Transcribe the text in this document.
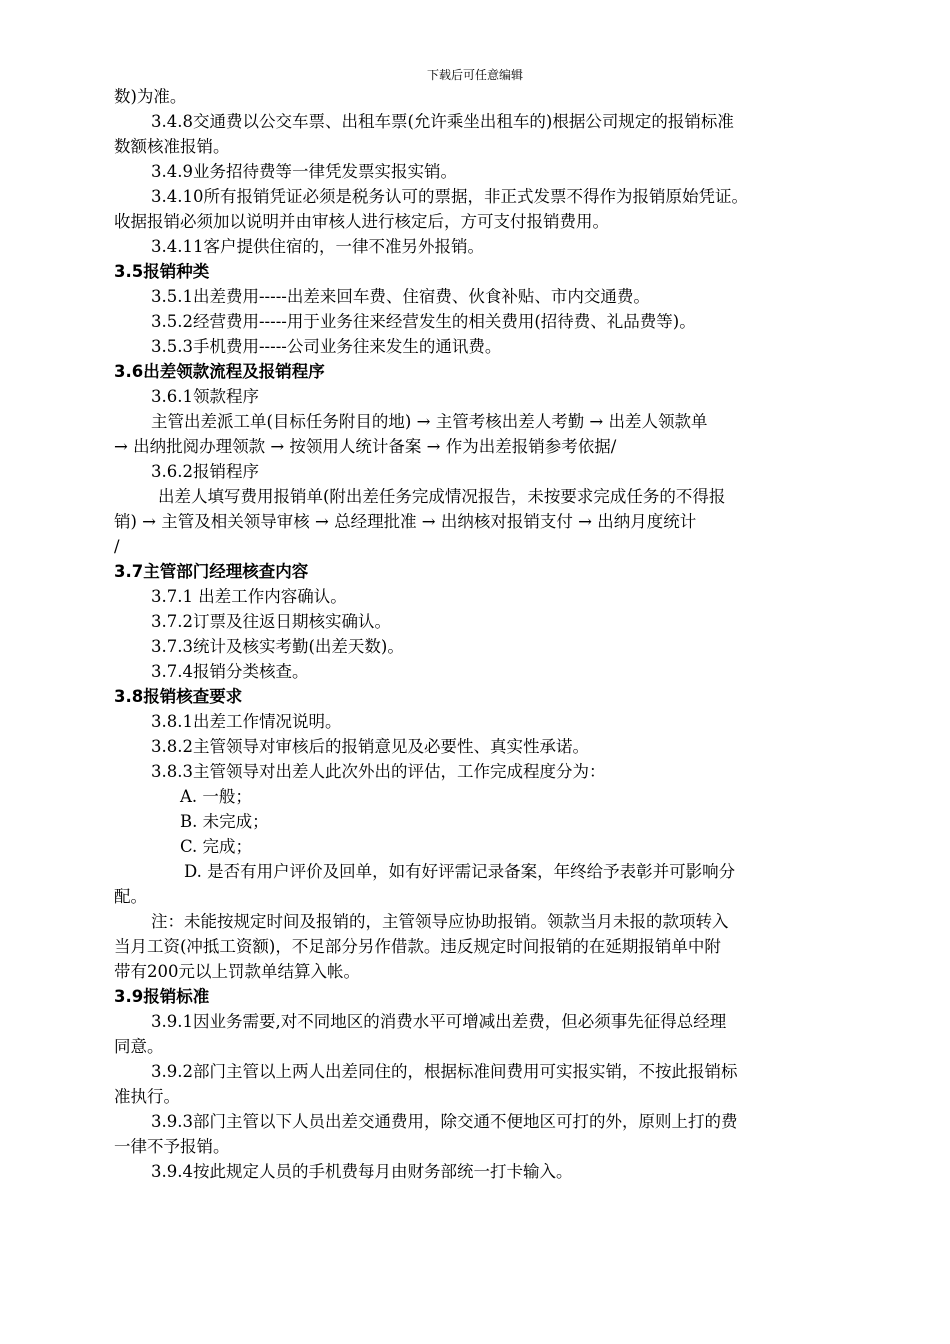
下载后可任意编辑
数)为准。
3.4.8交通费以公交车票、出租车票(允许乘坐出租车的)根据公司规定的报销标准
数额核准报销。
3.4.9业务招待费等一律凭发票实报实销。
3.4.10所有报销凭证必须是税务认可的票据，非正式发票不得作为报销原始凭证。
收据报销必须加以说明并由审核人进行核定后，方可支付报销费用。
3.4.11客户提供住宿的，一律不准另外报销。
3.5报销种类
3.5.1出差费用-----出差来回车费、住宿费、伙食补贴、市内交通费。
3.5.2经营费用-----用于业务往来经营发生的相关费用(招待费、礼品费等)。
3.5.3手机费用-----公司业务往来发生的通讯费。
3.6出差领款流程及报销程序
3.6.1领款程序
主管出差派工单(目标任务附目的地) → 主管考核出差人考勤 → 出差人领款单
→ 出纳批阅办理领款 → 按领用人统计备案 → 作为出差报销参考依据/
3.6.2报销程序
出差人填写费用报销单(附出差任务完成情况报告，未按要求完成任务的不得报
销) → 主管及相关领导审核 → 总经理批准 → 出纳核对报销支付 → 出纳月度统计
/
3.7主管部门经理核查内容
3.7.1 出差工作内容确认。
3.7.2订票及往返日期核实确认。
3.7.3统计及核实考勤(出差天数)。
3.7.4报销分类核查。
3.8报销核查要求
3.8.1出差工作情况说明。
3.8.2主管领导对审核后的报销意见及必要性、真实性承诺。
3.8.3主管领导对出差人此次外出的评估，工作完成程度分为：
A. 一般；
B. 未完成；
C. 完成；
D. 是否有用户评价及回单，如有好评需记录备案，年终给予表彰并可影响分
配。
注：未能按规定时间及报销的，主管领导应协助报销。领款当月未报的款项转入
当月工资(冲抵工资额)，不足部分另作借款。违反规定时间报销的在延期报销单中附
带有200元以上罚款单结算入帐。
3.9报销标准
3.9.1因业务需要,对不同地区的消费水平可增减出差费，但必须事先征得总经理
同意。
3.9.2部门主管以上两人出差同住的，根据标准间费用可实报实销，不按此报销标
准执行。
3.9.3部门主管以下人员出差交通费用，除交通不便地区可打的外，原则上打的费
一律不予报销。
3.9.4按此规定人员的手机费每月由财务部统一打卡输入。
